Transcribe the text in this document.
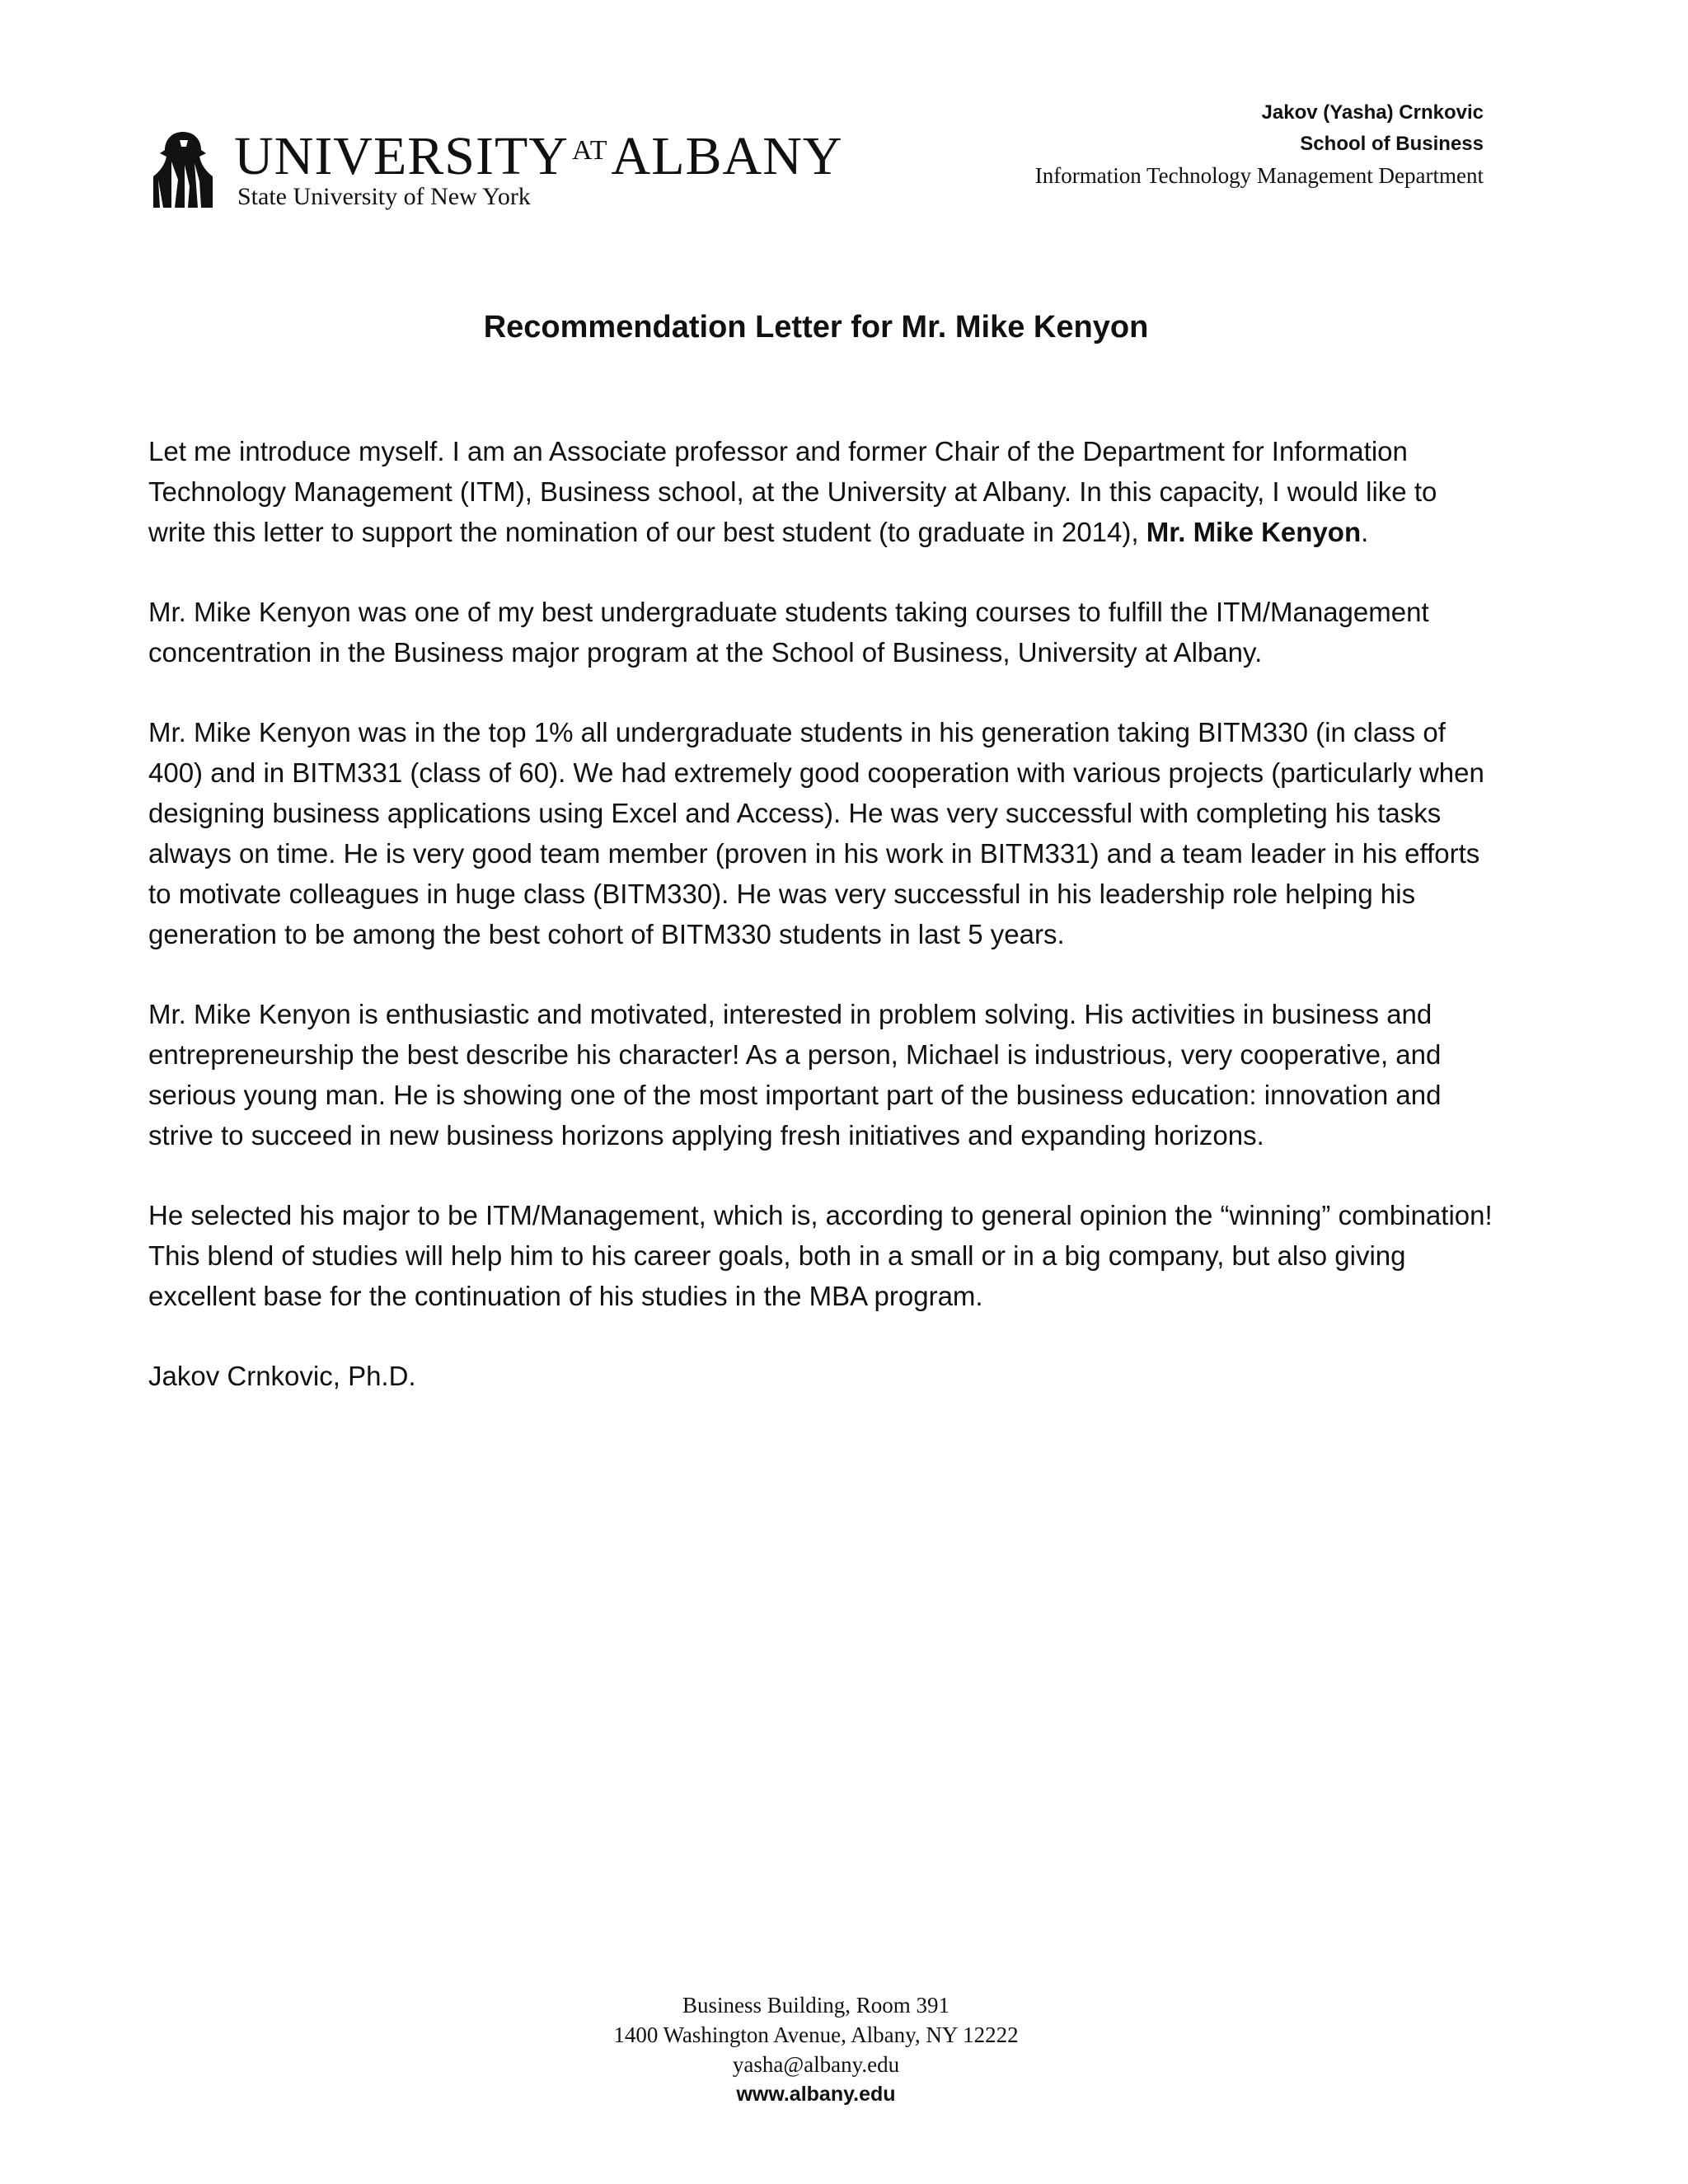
UNIVERSITY $^{AT}$ALBANY
State University of New York
Jakov (Yasha) Crnkovic
School of Business
Information Technology Management Department
Recommendation Letter for Mr. Mike Kenyon

Let me introduce myself. I am an Associate professor and former Chair of the Department for Information Technology Management (ITM), Business school, at the University at Albany. In this capacity, I would like to write this letter to support the nomination of our best student (to graduate in 2014), Mr. Mike Kenyon.

Mr. Mike Kenyon was one of my best undergraduate students taking courses to fulfill the ITM/Management concentration in the Business major program at the School of Business, University at Albany.

Mr. Mike Kenyon was in the top 1% all undergraduate students in his generation taking BITM330 (in class of 400) and in BITM331 (class of 60). We had extremely good cooperation with various projects (particularly when designing business applications using Excel and Access). He was very successful with completing his tasks always on time. He is very good team member (proven in his work in BITM331) and a team leader in his efforts to motivate colleagues in huge class (BITM330). He was very successful in his leadership role helping his generation to be among the best cohort of BITM330 students in last 5 years.

Mr. Mike Kenyon is enthusiastic and motivated, interested in problem solving. His activities in business and entrepreneurship the best describe his character! As a person, Michael is industrious, very cooperative, and serious young man. He is showing one of the most important part of the business education: innovation and strive to succeed in new business horizons applying fresh initiatives and expanding horizons.

He selected his major to be ITM/Management, which is, according to general opinion the “winning” combination! This blend of studies will help him to his career goals, both in a small or in a big company, but also giving excellent base for the continuation of his studies in the MBA program.

Jakov Crnkovic, Ph.D.

Business Building, Room 391
1400 Washington Avenue, Albany, NY 12222
yasha@albany.edu
www.albany.edu
